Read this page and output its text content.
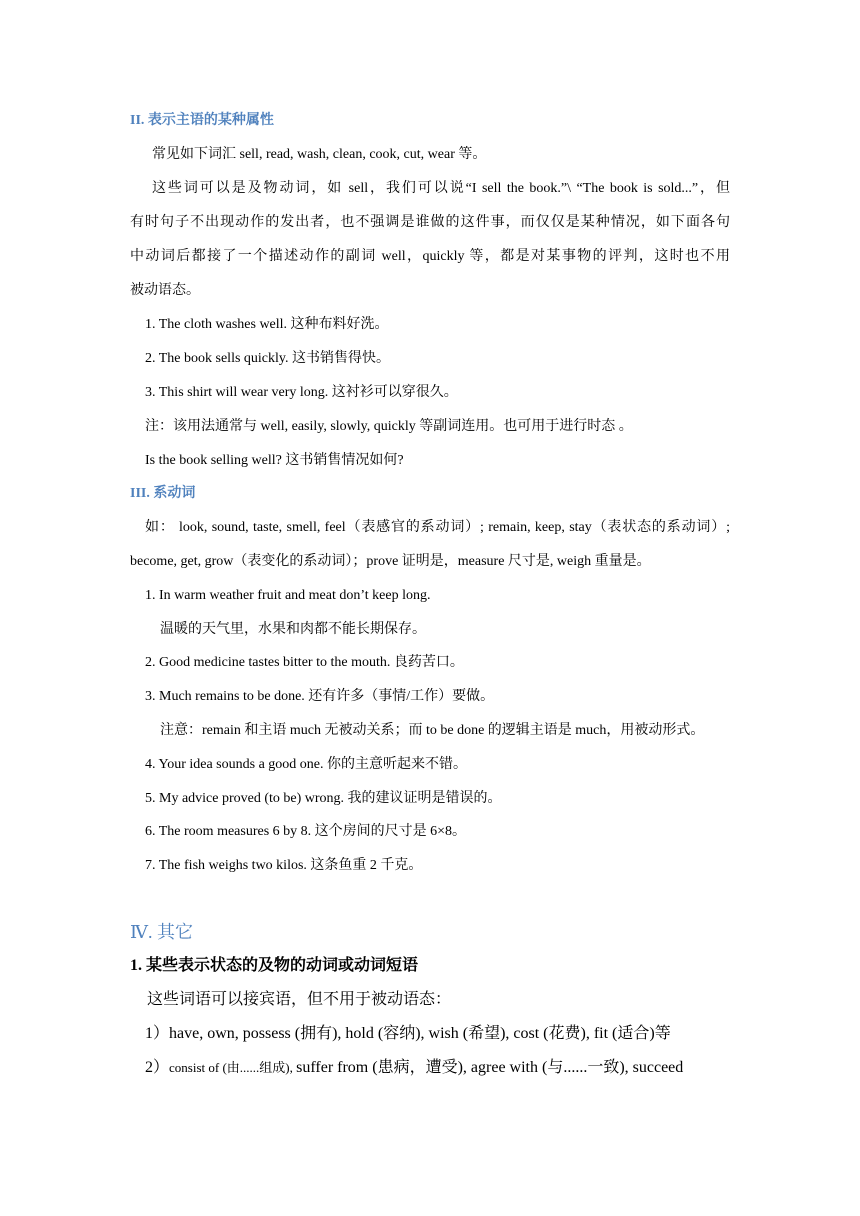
II. 表示主语的某种属性
常见如下词汇 sell, read, wash, clean, cook, cut, wear 等。
这些词可以是及物动词，如 sell，我们可以说“I sell the book.”\ “The book is sold...”，但
有时句子不出现动作的发出者，也不强调是谁做的这件事，而仅仅是某种情况，如下面各句
中动词后都接了一个描述动作的副词 well，quickly 等，都是对某事物的评判，这时也不用
被动语态。
1. The cloth washes well. 这种布料好洗。
2. The book sells quickly. 这书销售得快。
3. This shirt will wear very long. 这衬衫可以穿很久。
注：该用法通常与 well, easily, slowly, quickly 等副词连用。也可用于进行时态 。
Is the book selling well? 这书销售情况如何?
III. 系动词
如： look, sound, taste, smell, feel（表感官的系动词）; remain, keep, stay（表状态的系动词）;
become, get, grow（表变化的系动词）；prove 证明是，measure 尺寸是, weigh 重量是。
1. In warm weather fruit and meat don’t keep long.
温暖的天气里，水果和肉都不能长期保存。
2. Good medicine tastes bitter to the mouth. 良药苦口。
3. Much remains to be done. 还有许多（事情/工作）要做。
注意：remain 和主语 much 无被动关系；而 to be done 的逻辑主语是 much，用被动形式。
4. Your idea sounds a good one. 你的主意听起来不错。
5. My advice proved (to be) wrong. 我的建议证明是错误的。
6. The room measures 6 by 8. 这个房间的尺寸是 6×8。
7. The fish weighs two kilos. 这条鱼重 2 千克。
Ⅳ. 其它
1. 某些表示状态的及物的动词或动词短语
这些词语可以接宾语，但不用于被动语态：
1）have, own, possess (拥有), hold (容纳), wish (希望), cost (花费), fit (适合)等
2）consist of (由......组成), suffer from (患病，遭受), agree with (与......一致), succeed
